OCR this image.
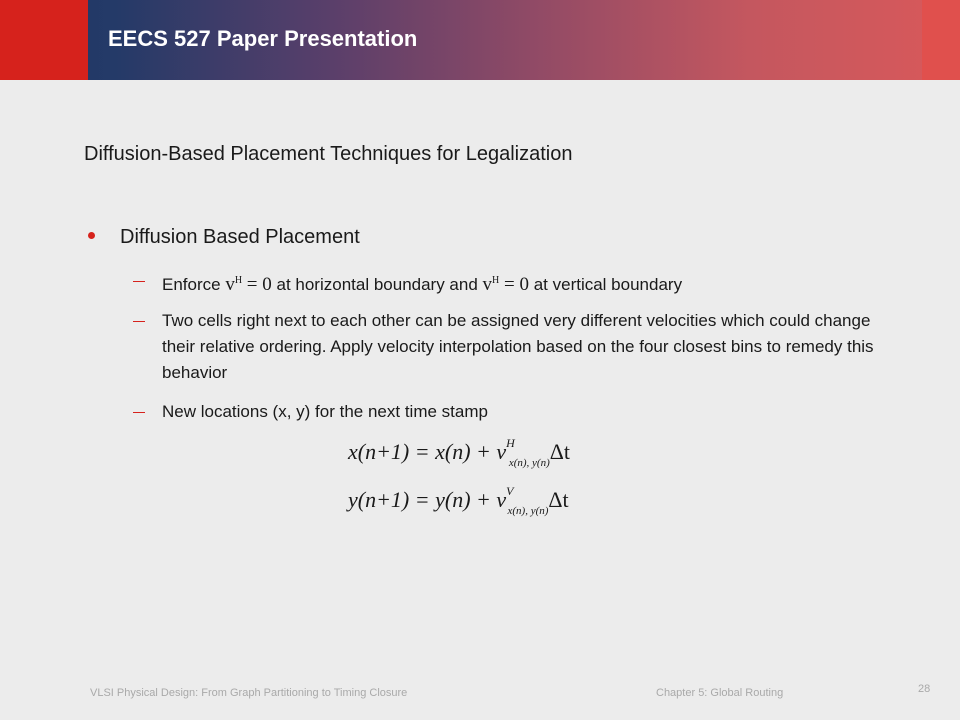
EECS 527 Paper Presentation
Diffusion-Based Placement Techniques for Legalization
Diffusion Based Placement
Enforce $v^H = 0$ at horizontal boundary and $v^H = 0$ at vertical boundary
Two cells right next to each other can be assigned very different velocities which could change their relative ordering. Apply velocity interpolation based on the four closest bins to remedy this behavior
New locations (x, y) for the next time stamp
$x(n+1) = x(n) + v^H_{x(n), y(n)}\Delta t$
$y(n+1) = y(n) + v^V_{x(n), y(n)}\Delta t$
VLSI Physical Design: From Graph Partitioning to Timing Closure	Chapter 5: Global Routing	28
